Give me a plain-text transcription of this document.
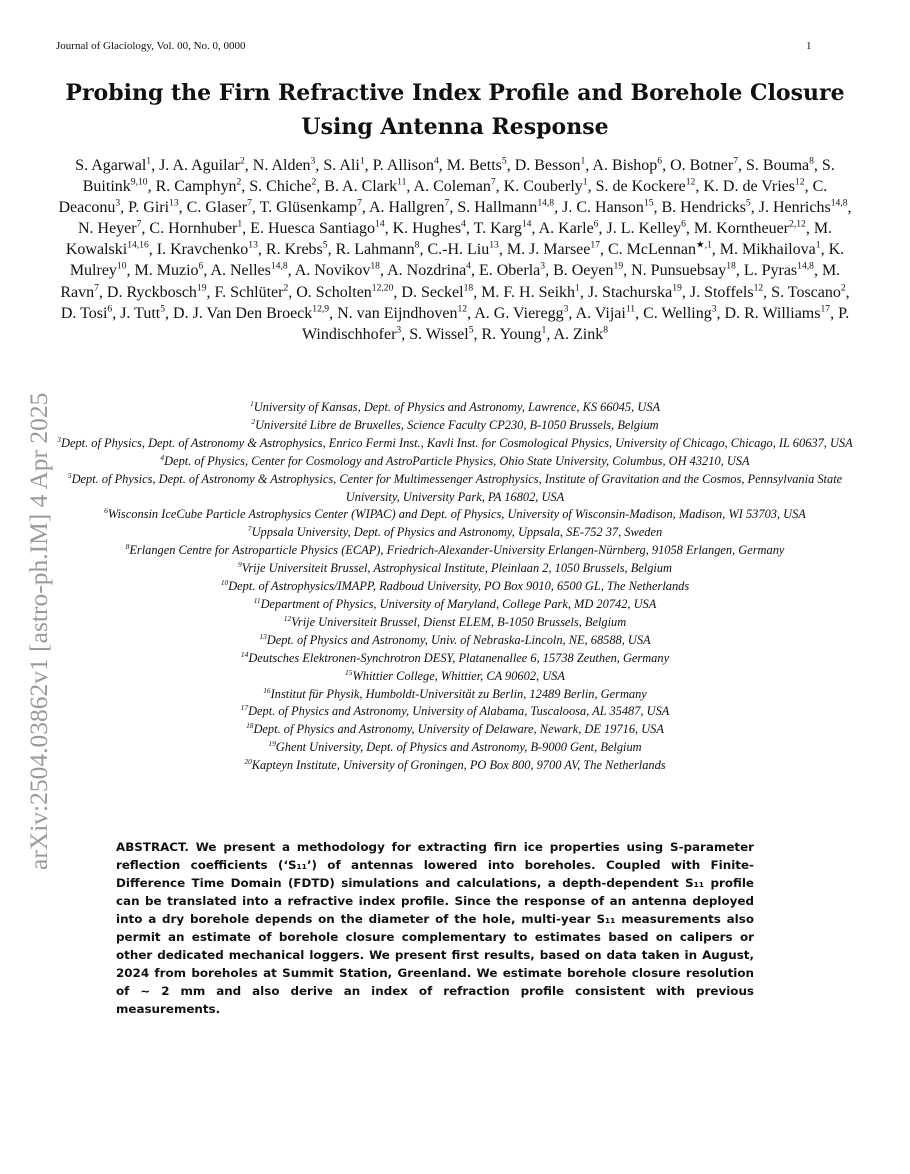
Journal of Glaciology, Vol. 00, No. 0, 0000	1
Probing the Firn Refractive Index Profile and Borehole Closure Using Antenna Response
S. Agarwal$^1$, J. A. Aguilar$^2$, N. Alden$^3$, S. Ali$^1$, P. Allison$^4$, M. Betts$^5$, D. Besson$^1$, A. Bishop$^6$, O. Botner$^7$, S. Bouma$^8$, S. Buitink$^{9,10}$, R. Camphyn$^2$, S. Chiche$^2$, B. A. Clark$^{11}$, A. Coleman$^7$, K. Couberly$^1$, S. de Kockere$^{12}$, K. D. de Vries$^{12}$, C. Deaconu$^3$, P. Giri$^{13}$, C. Glaser$^7$, T. Glüsenkamp$^7$, A. Hallgren$^7$, S. Hallmann$^{14,8}$, J. C. Hanson$^{15}$, B. Hendricks$^5$, J. Henrichs$^{14,8}$, N. Heyer$^7$, C. Hornhuber$^1$, E. Huesca Santiago$^{14}$, K. Hughes$^4$, T. Karg$^{14}$, A. Karle$^6$, J. L. Kelley$^6$, M. Korntheuer$^{2,12}$, M. Kowalski$^{14,16}$, I. Kravchenko$^{13}$, R. Krebs$^5$, R. Lahmann$^8$, C.-H. Liu$^{13}$, M. J. Marsee$^{17}$, C. McLennan$^{★,1}$, M. Mikhailova$^1$, K. Mulrey$^{10}$, M. Muzio$^6$, A. Nelles$^{14,8}$, A. Novikov$^{18}$, A. Nozdrina$^4$, E. Oberla$^3$, B. Oeyen$^{19}$, N. Punsuebsay$^{18}$, L. Pyras$^{14,8}$, M. Ravn$^7$, D. Ryckbosch$^{19}$, F. Schlüter$^2$, O. Scholten$^{12,20}$, D. Seckel$^{18}$, M. F. H. Seikh$^1$, J. Stachurska$^{19}$, J. Stoffels$^{12}$, S. Toscano$^2$, D. Tosi$^6$, J. Tutt$^5$, D. J. Van Den Broeck$^{12,9}$, N. van Eijndhoven$^{12}$, A. G. Vieregg$^3$, A. Vijai$^{11}$, C. Welling$^3$, D. R. Williams$^{17}$, P. Windischhofer$^3$, S. Wissel$^5$, R. Young$^1$, A. Zink$^8$
$^1$University of Kansas, Dept. of Physics and Astronomy, Lawrence, KS 66045, USA
$^2$Université Libre de Bruxelles, Science Faculty CP230, B-1050 Brussels, Belgium
$^3$Dept. of Physics, Dept. of Astronomy & Astrophysics, Enrico Fermi Inst., Kavli Inst. for Cosmological Physics, University of Chicago, Chicago, IL 60637, USA
$^4$Dept. of Physics, Center for Cosmology and AstroParticle Physics, Ohio State University, Columbus, OH 43210, USA
$^5$Dept. of Physics, Dept. of Astronomy & Astrophysics, Center for Multimessenger Astrophysics, Institute of Gravitation and the Cosmos, Pennsylvania State University, University Park, PA 16802, USA
$^6$Wisconsin IceCube Particle Astrophysics Center (WIPAC) and Dept. of Physics, University of Wisconsin-Madison, Madison, WI 53703, USA
$^7$Uppsala University, Dept. of Physics and Astronomy, Uppsala, SE-752 37, Sweden
$^8$Erlangen Centre for Astroparticle Physics (ECAP), Friedrich-Alexander-University Erlangen-Nürnberg, 91058 Erlangen, Germany
$^9$Vrije Universiteit Brussel, Astrophysical Institute, Pleinlaan 2, 1050 Brussels, Belgium
$^{10}$Dept. of Astrophysics/IMAPP, Radboud University, PO Box 9010, 6500 GL, The Netherlands
$^{11}$Department of Physics, University of Maryland, College Park, MD 20742, USA
$^{12}$Vrije Universiteit Brussel, Dienst ELEM, B-1050 Brussels, Belgium
$^{13}$Dept. of Physics and Astronomy, Univ. of Nebraska-Lincoln, NE, 68588, USA
$^{14}$Deutsches Elektronen-Synchrotron DESY, Platanenallee 6, 15738 Zeuthen, Germany
$^{15}$Whittier College, Whittier, CA 90602, USA
$^{16}$Institut für Physik, Humboldt-Universität zu Berlin, 12489 Berlin, Germany
$^{17}$Dept. of Physics and Astronomy, University of Alabama, Tuscaloosa, AL 35487, USA
$^{18}$Dept. of Physics and Astronomy, University of Delaware, Newark, DE 19716, USA
$^{19}$Ghent University, Dept. of Physics and Astronomy, B-9000 Gent, Belgium
$^{20}$Kapteyn Institute, University of Groningen, PO Box 800, 9700 AV, The Netherlands
ABSTRACT. We present a methodology for extracting firn ice properties using S-parameter reflection coefficients (‘S₁₁’) of antennas lowered into boreholes. Coupled with Finite-Difference Time Domain (FDTD) simulations and calculations, a depth-dependent S₁₁ profile can be translated into a refractive index profile. Since the response of an antenna deployed into a dry borehole depends on the diameter of the hole, multi-year S₁₁ measurements also permit an estimate of borehole closure complementary to estimates based on calipers or other dedicated mechanical loggers. We present first results, based on data taken in August, 2024 from boreholes at Summit Station, Greenland. We estimate borehole closure resolution of ~ 2 mm and also derive an index of refraction profile consistent with previous measurements.
arXiv:2504.03862v1 [astro-ph.IM] 4 Apr 2025
